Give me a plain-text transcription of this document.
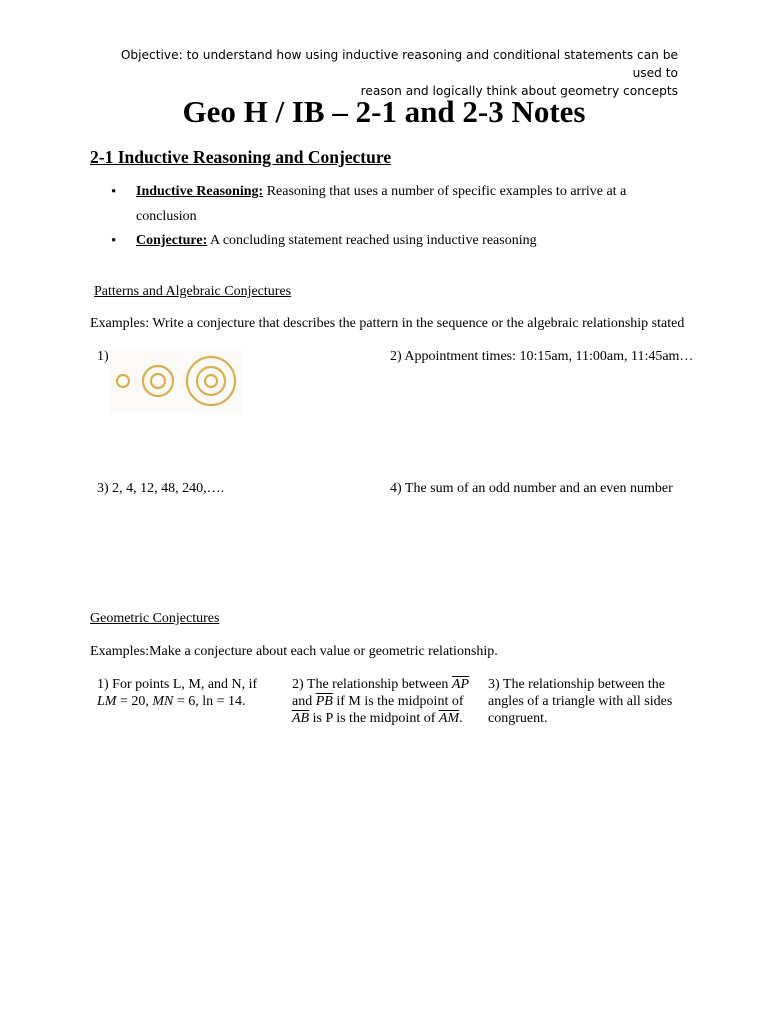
Objective: to understand how using inductive reasoning and conditional statements can be used to
reason and logically think about geometry concepts
Geo H / IB – 2-1 and 2-3 Notes
2-1 Inductive Reasoning and Conjecture
• Inductive Reasoning: Reasoning that uses a number of specific examples to arrive at a
conclusion
• Conjecture: A concluding statement reached using inductive reasoning
Patterns and Algebraic Conjectures
Examples: Write a conjecture that describes the pattern in the sequence or the algebraic relationship stated
1)	2) Appointment times: 10:15am, 11:00am, 11:45am…
3) 2, 4, 12, 48, 240,….	4) The sum of an odd number and an even number
Geometric Conjectures
Examples:Make a conjecture about each value or geometric relationship.
1) For points L, M, and N, if
LM = 20, MN = 6, ln = 14.
2) The relationship between $\overline{AP}$
and $\overline{PB}$ if M is the midpoint of
$\overline{AB}$ is P is the midpoint of $\overline{AM}$.
3) The relationship between the
angles of a triangle with all sides
congruent.
